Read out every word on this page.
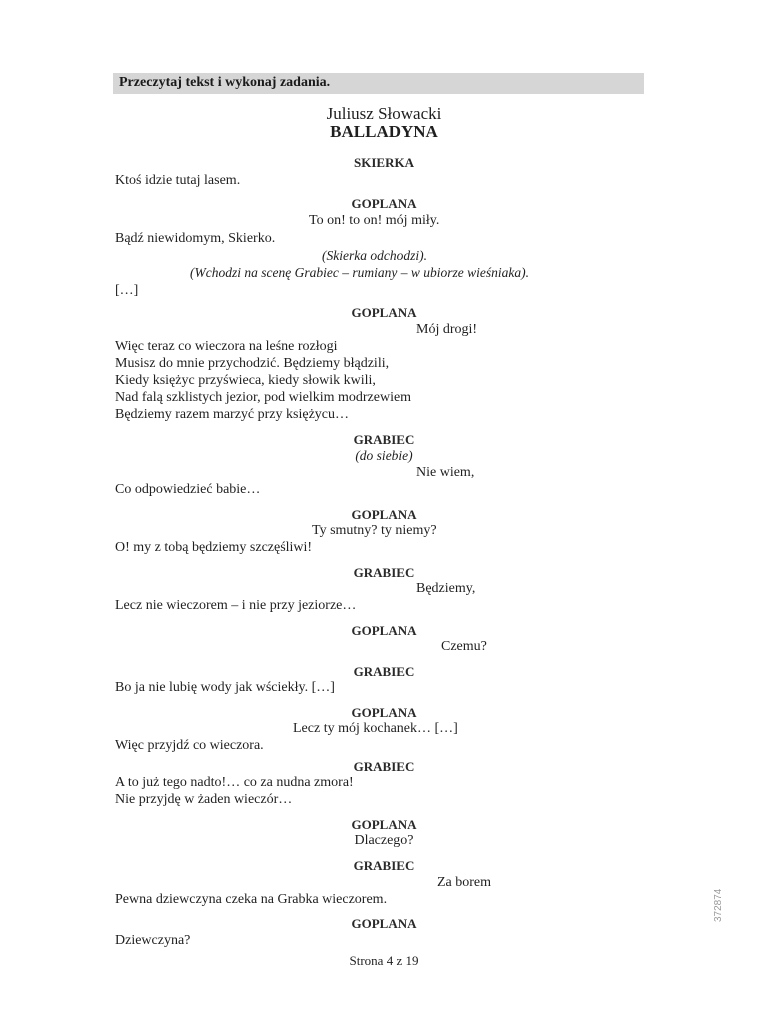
Przeczytaj tekst i wykonaj zadania.
Juliusz Słowacki
BALLADYNA
SKIERKA
Ktoś idzie tutaj lasem.
GOPLANA
To on! to on! mój miły.
Bądź niewidomym, Skierko.
(Skierka odchodzi).
(Wchodzi na scenę Grabiec – rumiany – w ubiorze wieśniaka).
[…]
GOPLANA
Mój drogi!
Więc teraz co wieczora na leśne rozłogi
Musisz do mnie przychodzić. Będziemy błądzili,
Kiedy księżyc przyświeca, kiedy słowik kwili,
Nad falą szklistych jezior, pod wielkim modrzewiem
Będziemy razem marzyć przy księżycu…
GRABIEC
(do siebie)
Nie wiem,
Co odpowiedzieć babie…
GOPLANA
Ty smutny? ty niemy?
O! my z tobą będziemy szczęśliwi!
GRABIEC
Będziemy,
Lecz nie wieczorem – i nie przy jeziorze…
GOPLANA
Czemu?
GRABIEC
Bo ja nie lubię wody jak wściekły. […]
GOPLANA
Lecz ty mój kochanek… […]
Więc przyjdź co wieczora.
GRABIEC
A to już tego nadto!… co za nudna zmora!
Nie przyjdę w żaden wieczór…
GOPLANA
Dlaczego?
GRABIEC
Za borem
Pewna dziewczyna czeka na Grabka wieczorem.
GOPLANA
Dziewczyna?
Strona 4 z 19
372874
